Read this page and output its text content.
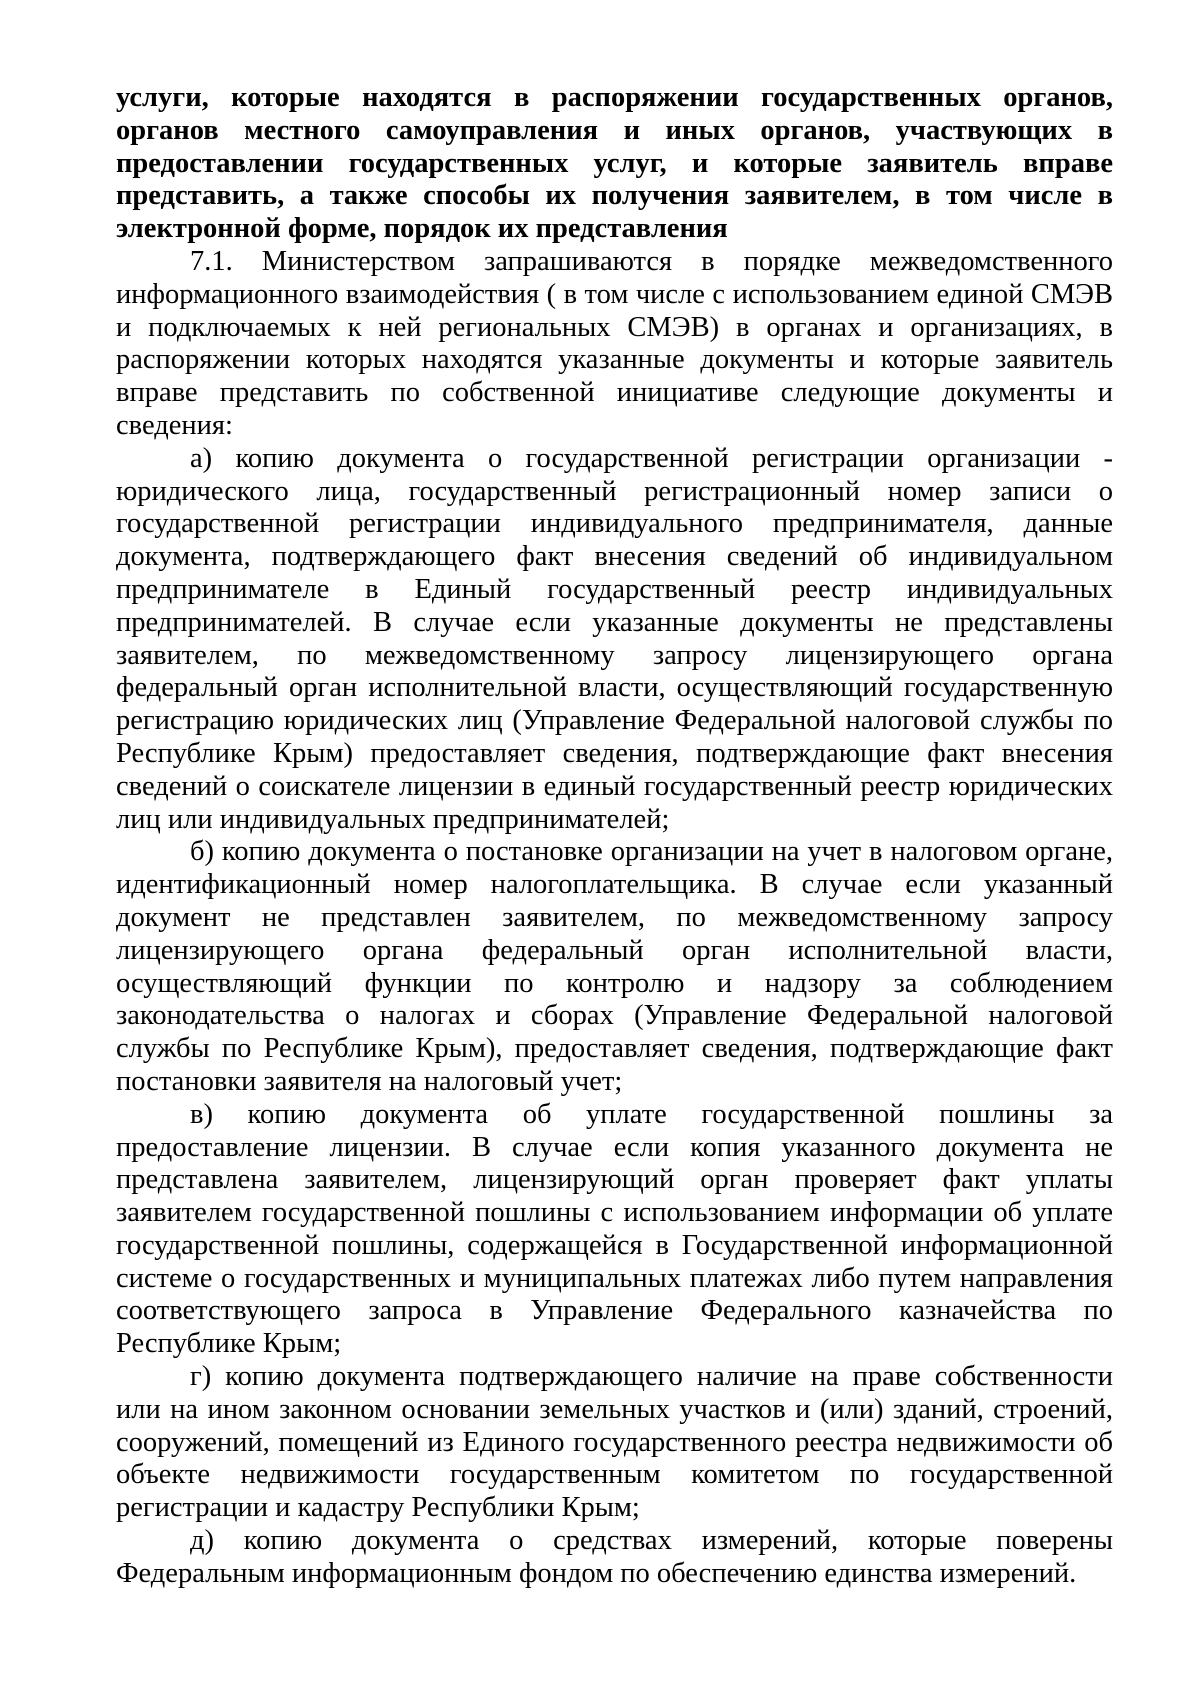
услуги, которые находятся в распоряжении государственных органов, органов местного самоуправления и иных органов, участвующих в предоставлении государственных услуг, и которые заявитель вправе представить, а также способы их получения заявителем, в том числе в электронной форме, порядок их представления

7.1. Министерством запрашиваются в порядке межведомственного информационного взаимодействия ( в том числе с использованием единой СМЭВ и подключаемых к ней региональных СМЭВ) в органах и организациях, в распоряжении которых находятся указанные документы и которые заявитель вправе представить по собственной инициативе следующие документы и сведения:

а) копию документа о государственной регистрации организации - юридического лица, государственный регистрационный номер записи о государственной регистрации индивидуального предпринимателя, данные документа, подтверждающего факт внесения сведений об индивидуальном предпринимателе в Единый государственный реестр индивидуальных предпринимателей. В случае если указанные документы не представлены заявителем, по межведомственному запросу лицензирующего органа федеральный орган исполнительной власти, осуществляющий государственную регистрацию юридических лиц (Управление Федеральной налоговой службы по Республике Крым) предоставляет сведения, подтверждающие факт внесения сведений о соискателе лицензии в единый государственный реестр юридических лиц или индивидуальных предпринимателей;

б) копию документа о постановке организации на учет в налоговом органе, идентификационный номер налогоплательщика. В случае если указанный документ не представлен заявителем, по межведомственному запросу лицензирующего органа федеральный орган исполнительной власти, осуществляющий функции по контролю и надзору за соблюдением законодательства о налогах и сборах (Управление Федеральной налоговой службы по Республике Крым), предоставляет сведения, подтверждающие факт постановки заявителя на налоговый учет;

в) копию документа об уплате государственной пошлины за предоставление лицензии. В случае если копия указанного документа не представлена заявителем, лицензирующий орган проверяет факт уплаты заявителем государственной пошлины с использованием информации об уплате государственной пошлины, содержащейся в Государственной информационной системе о государственных и муниципальных платежах либо путем направления соответствующего запроса в Управление Федерального казначейства по Республике Крым;

г) копию документа подтверждающего наличие на праве собственности или на ином законном основании земельных участков и (или) зданий, строений, сооружений, помещений из Единого государственного реестра недвижимости об объекте недвижимости государственным комитетом по государственной регистрации и кадастру Республики Крым;

д) копию документа о средствах измерений, которые поверены Федеральным информационным фондом по обеспечению единства измерений.
